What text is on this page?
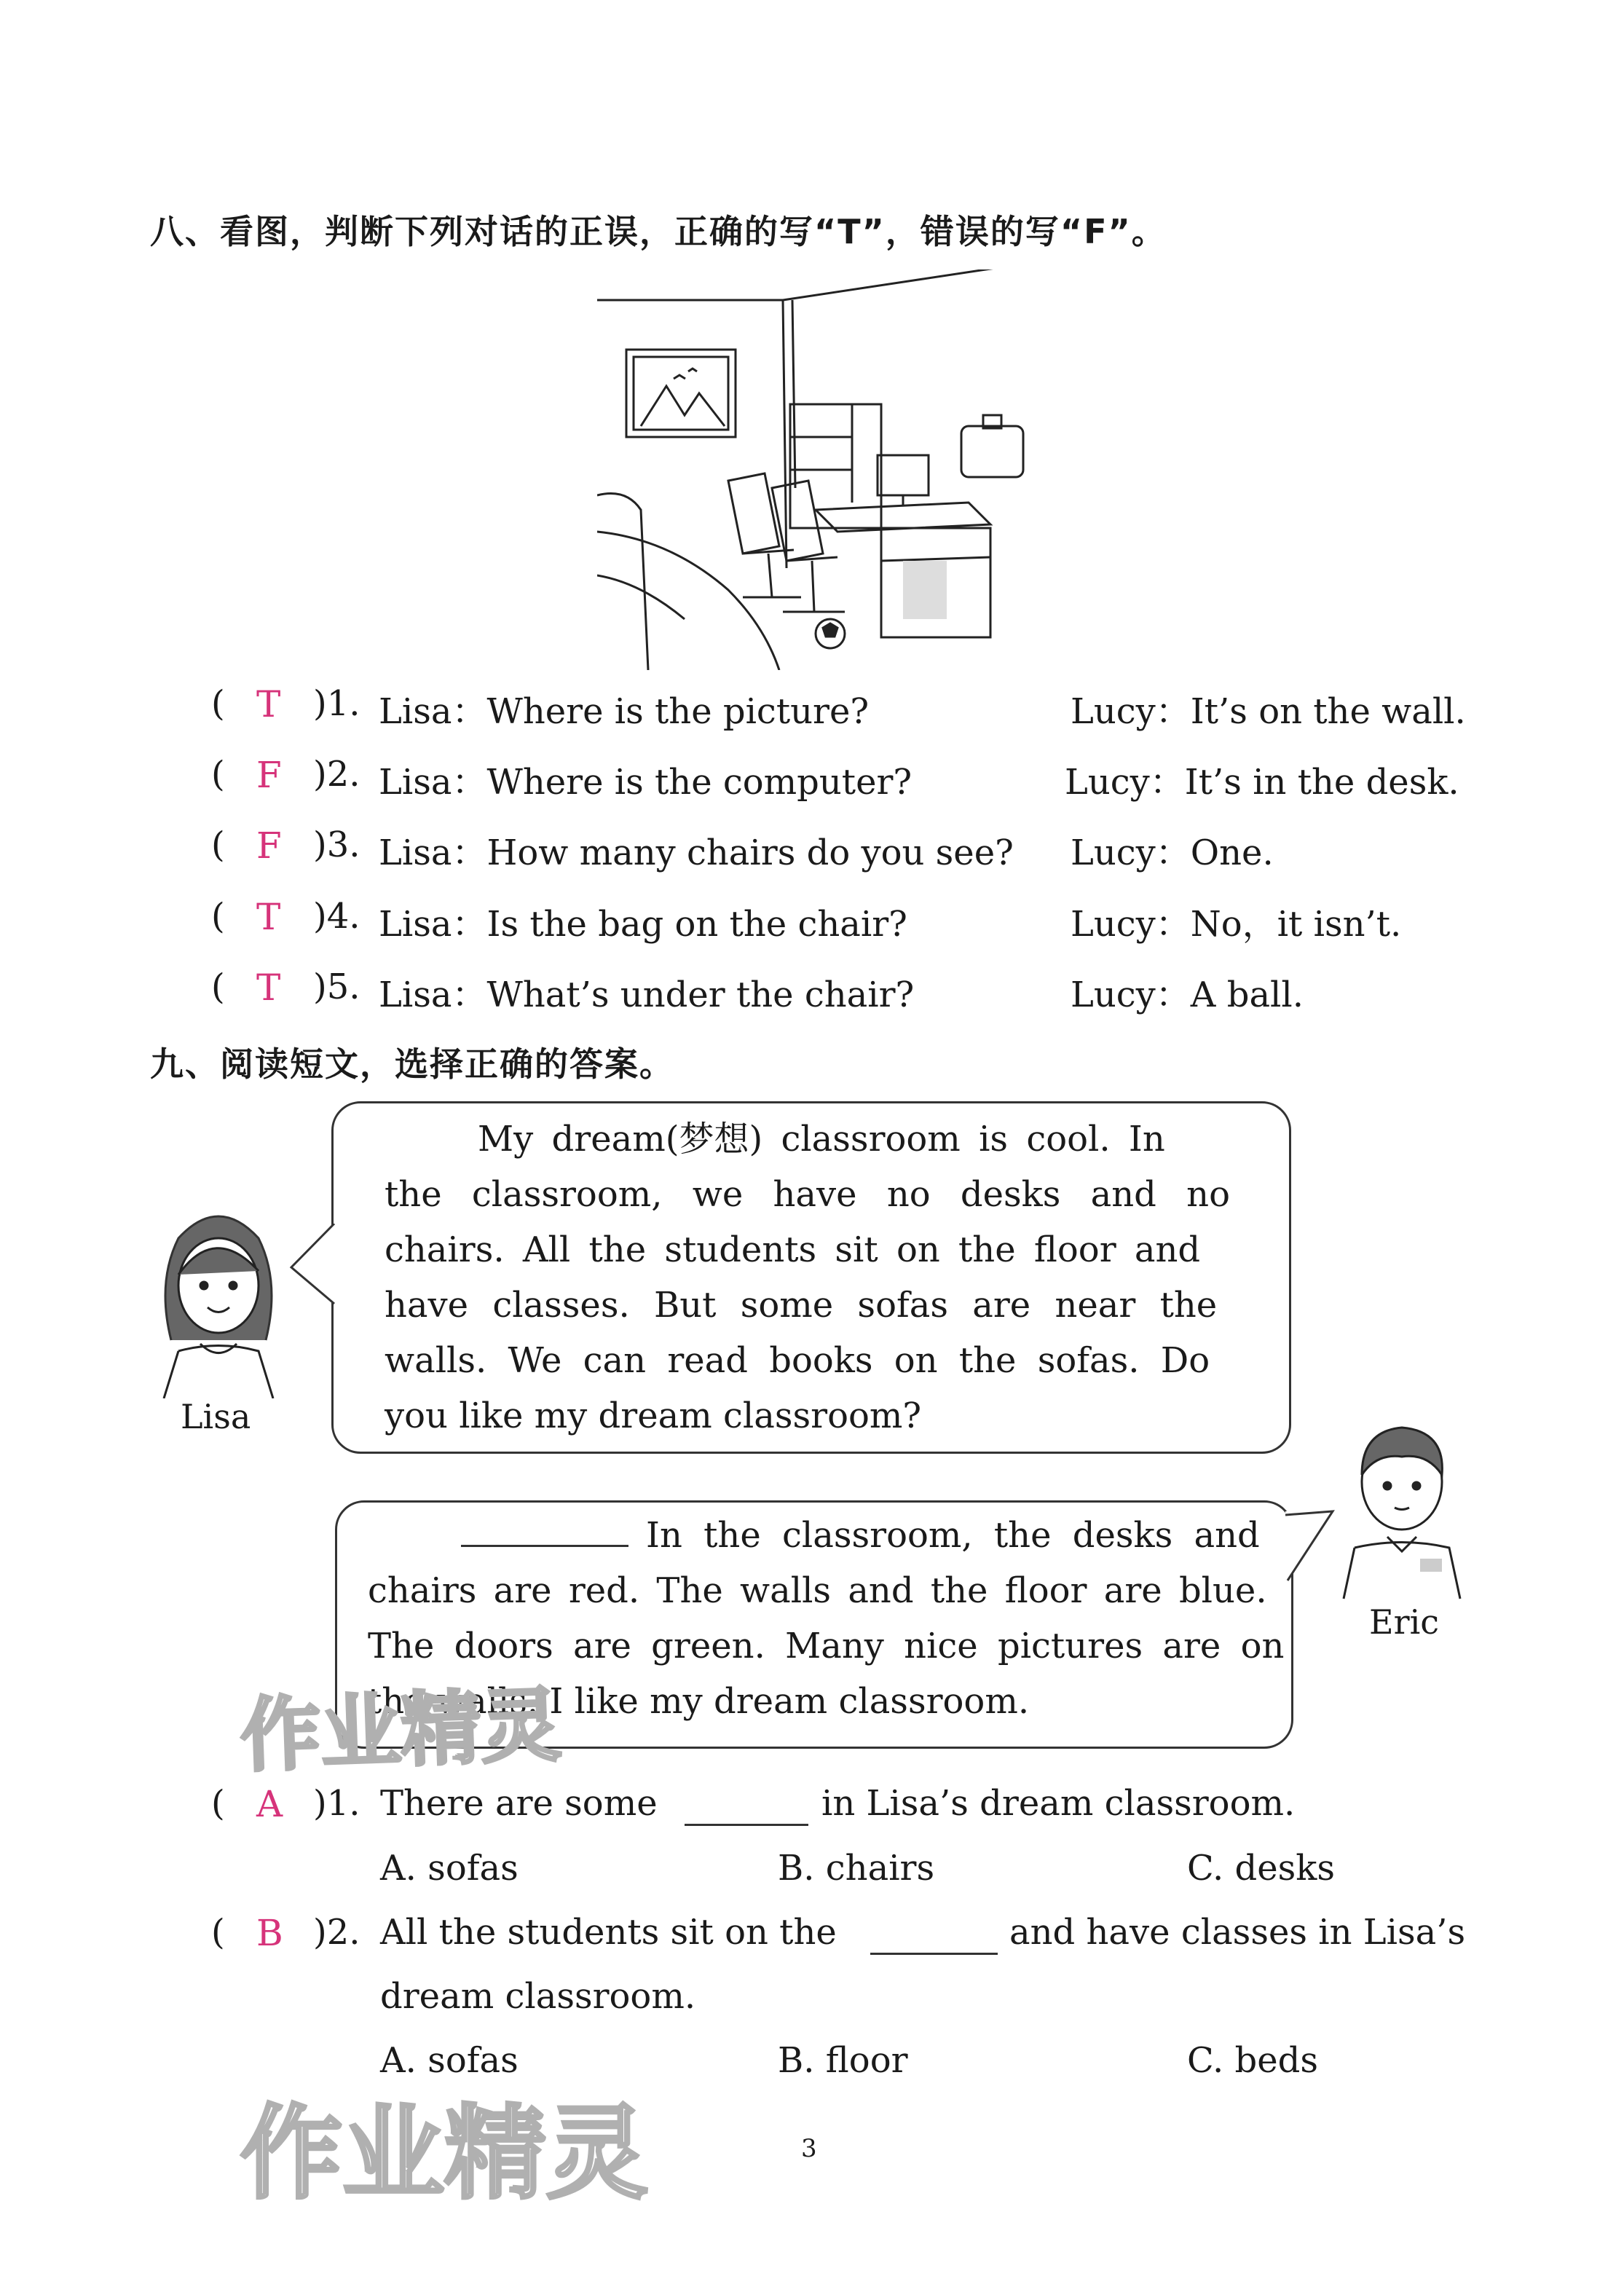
八、看图，判断下列对话的正误，正确的写“T”，错误的写“F”。
( T )1. Lisa：Where is the picture?	Lucy：It’s on the wall.
( F )2. Lisa：Where is the computer?	Lucy：It’s in the desk.
( F )3. Lisa：How many chairs do you see? Lucy：One.
( T )4. Lisa：Is the bag on the chair?	Lucy：No，it isn’t.
( T )5. Lisa：What’s under the chair?	Lucy：A ball.
九、阅读短文，选择正确的答案。
Lisa
My dream(梦想) classroom is cool. In
the classroom, we have no desks and no
chairs. All the students sit on the floor and
have classes. But some sofas are near the
walls. We can read books on the sofas. Do
you like my dream classroom?
Eric
In the classroom, the desks and
chairs are red. The walls and the floor are blue.
The doors are green. Many nice pictures are on
the walls. I like my dream classroom.
作业精灵
( A )1. There are some	in Lisa’s dream classroom.
A. sofas	B. chairs	C. desks
( B )2. All the students sit on the	and have classes in Lisa’s
dream classroom.
A. sofas	B. floor	C. beds
作业精灵	3
